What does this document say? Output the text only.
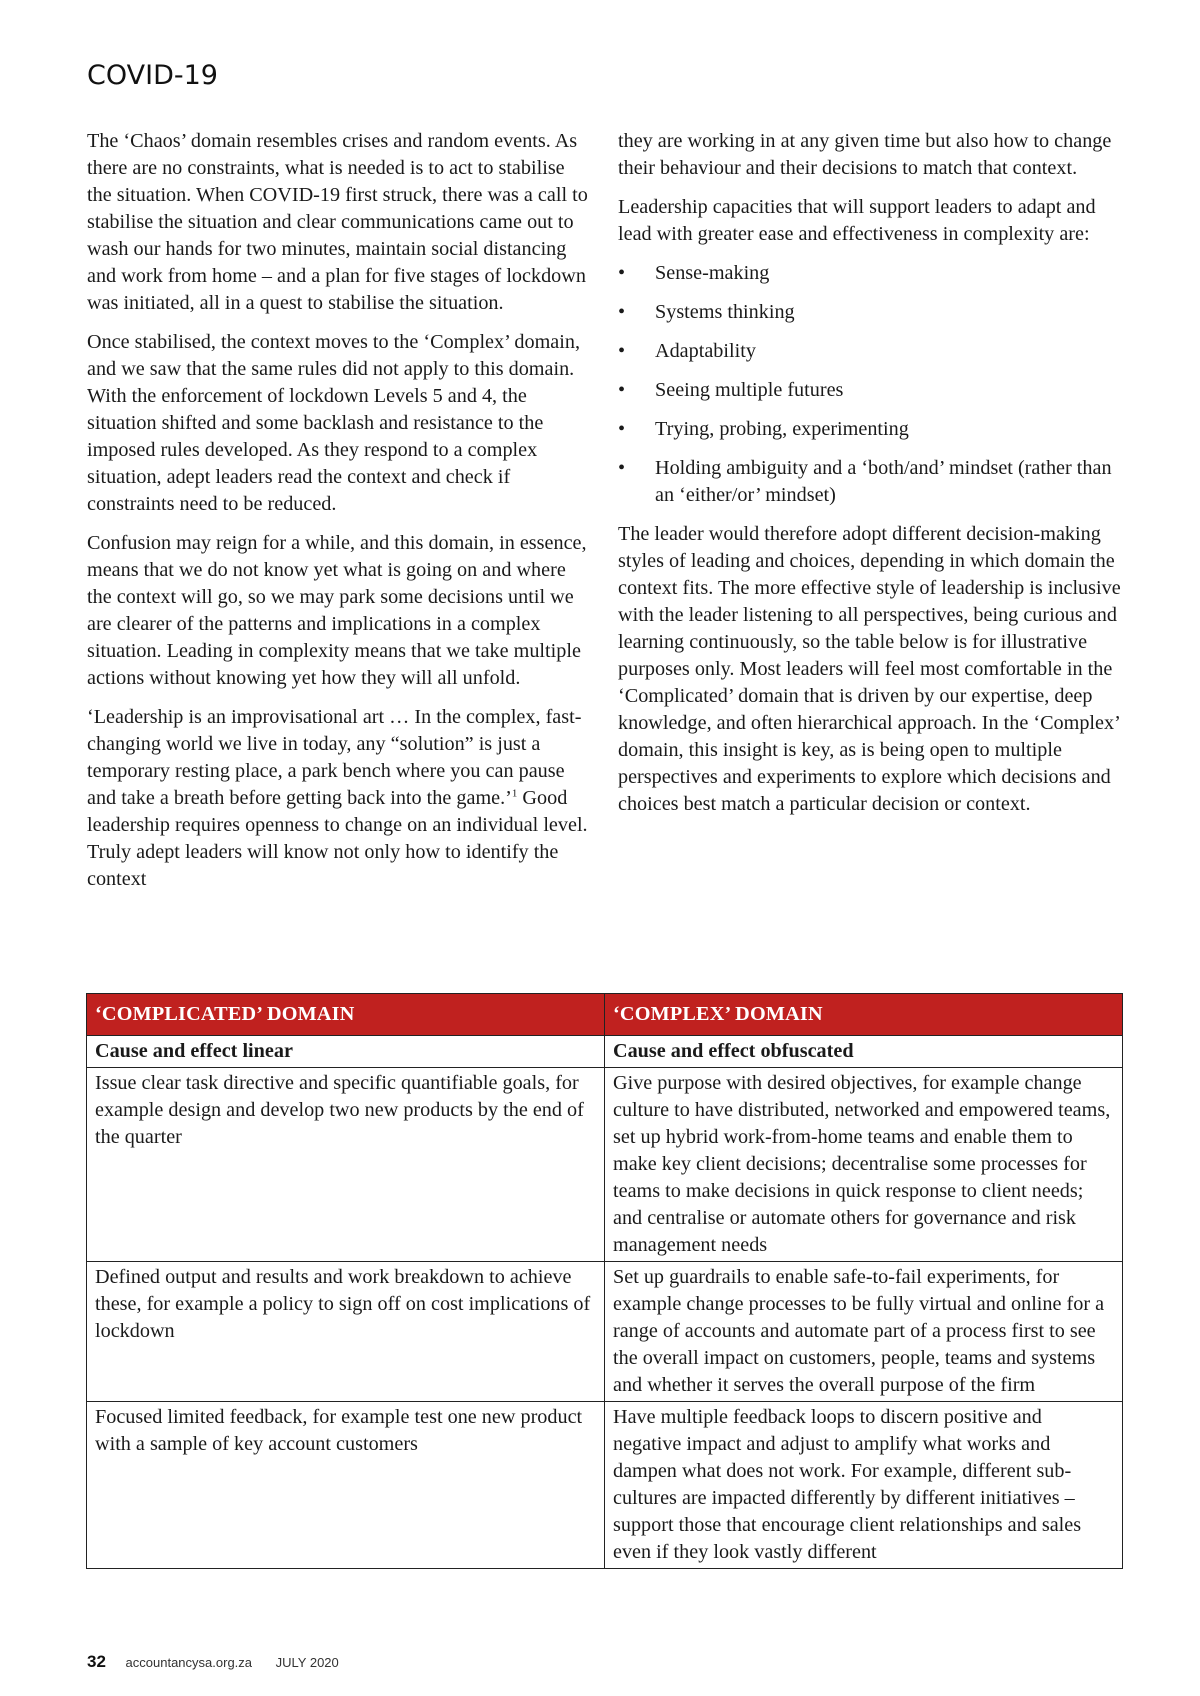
COVID-19

The ‘Chaos’ domain resembles crises and random events. As there are no constraints, what is needed is to act to stabilise the situation. When COVID-19 first struck, there was a call to stabilise the situation and clear communications came out to wash our hands for two minutes, maintain social distancing and work from home – and a plan for five stages of lockdown was initiated, all in a quest to stabilise the situation.

Once stabilised, the context moves to the ‘Complex’ domain, and we saw that the same rules did not apply to this domain. With the enforcement of lockdown Levels 5 and 4, the situation shifted and some backlash and resistance to the imposed rules developed. As they respond to a complex situation, adept leaders read the context and check if constraints need to be reduced.

Confusion may reign for a while, and this domain, in essence, means that we do not know yet what is going on and where the context will go, so we may park some decisions until we are clearer of the patterns and implications in a complex situation. Leading in complexity means that we take multiple actions without knowing yet how they will all unfold.

‘Leadership is an improvisational art … In the complex, fast-changing world we live in today, any “solution” is just a temporary resting place, a park bench where you can pause and take a breath before getting back into the game.’$^1$ Good leadership requires openness to change on an individual level. Truly adept leaders will know not only how to identify the context

they are working in at any given time but also how to change their behaviour and their decisions to match that context.

Leadership capacities that will support leaders to adapt and lead with greater ease and effectiveness in complexity are:

• Sense-making
• Systems thinking
• Adaptability
• Seeing multiple futures
• Trying, probing, experimenting
• Holding ambiguity and a ‘both/and’ mindset (rather than an ‘either/or’ mindset)

The leader would therefore adopt different decision-making styles of leading and choices, depending in which domain the context fits. The more effective style of leadership is inclusive with the leader listening to all perspectives, being curious and learning continuously, so the table below is for illustrative purposes only. Most leaders will feel most comfortable in the ‘Complicated’ domain that is driven by our expertise, deep knowledge, and often hierarchical approach. In the ‘Complex’ domain, this insight is key, as is being open to multiple perspectives and experiments to explore which decisions and choices best match a particular decision or context.

‘COMPLICATED’ DOMAIN	‘COMPLEX’ DOMAIN
Cause and effect linear	Cause and effect obfuscated
Issue clear task directive and specific quantifiable goals, for example design and develop two new products by the end of the quarter	Give purpose with desired objectives, for example change culture to have distributed, networked and empowered teams, set up hybrid work-from-home teams and enable them to make key client decisions; decentralise some processes for teams to make decisions in quick response to client needs; and centralise or automate others for governance and risk management needs
Defined output and results and work breakdown to achieve these, for example a policy to sign off on cost implications of lockdown	Set up guardrails to enable safe-to-fail experiments, for example change processes to be fully virtual and online for a range of accounts and automate part of a process first to see the overall impact on customers, people, teams and systems and whether it serves the overall purpose of the firm
Focused limited feedback, for example test one new product with a sample of key account customers	Have multiple feedback loops to discern positive and negative impact and adjust to amplify what works and dampen what does not work. For example, different sub-cultures are impacted differently by different initiatives – support those that encourage client relationships and sales even if they look vastly different
32 accountancysa.org.za JULY 2020
